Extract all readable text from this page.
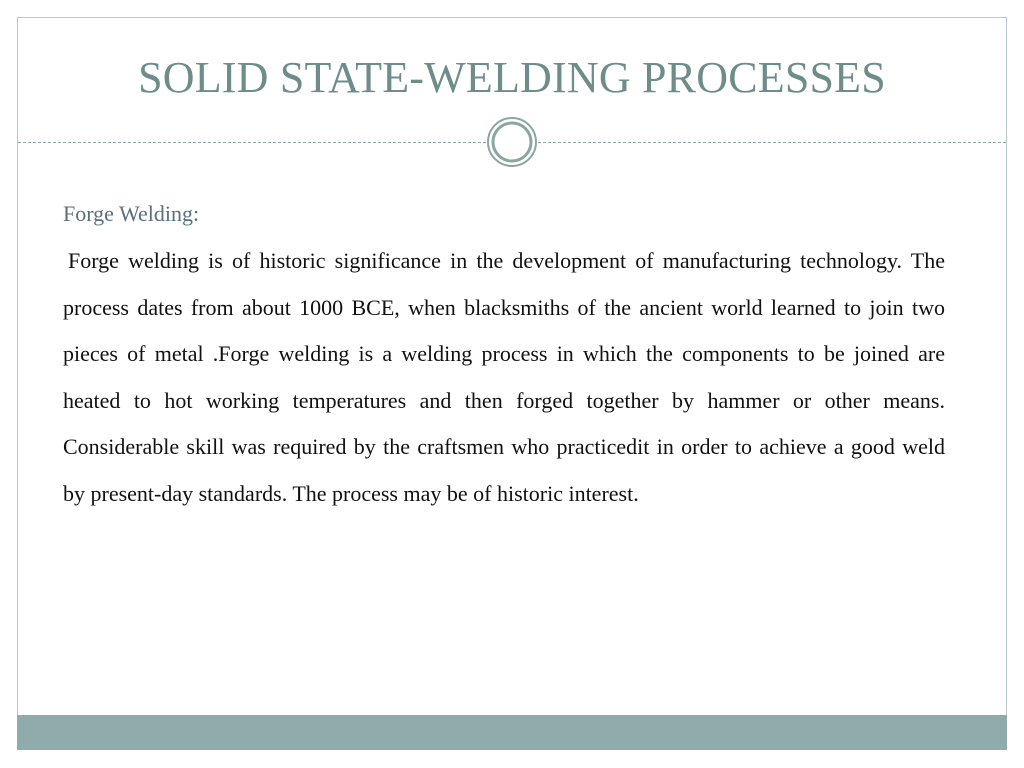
SOLID STATE-WELDING PROCESSES

Forge Welding:

Forge welding is of historic significance in the development of manufacturing technology. The process dates from about 1000 BCE, when blacksmiths of the ancient world learned to join two pieces of metal .Forge welding is a welding process in which the components to be joined are heated to hot working temperatures and then forged together by hammer or other means. Considerable skill was required by the craftsmen who practicedit in order to achieve a good weld by present-day standards. The process may be of historic interest.
